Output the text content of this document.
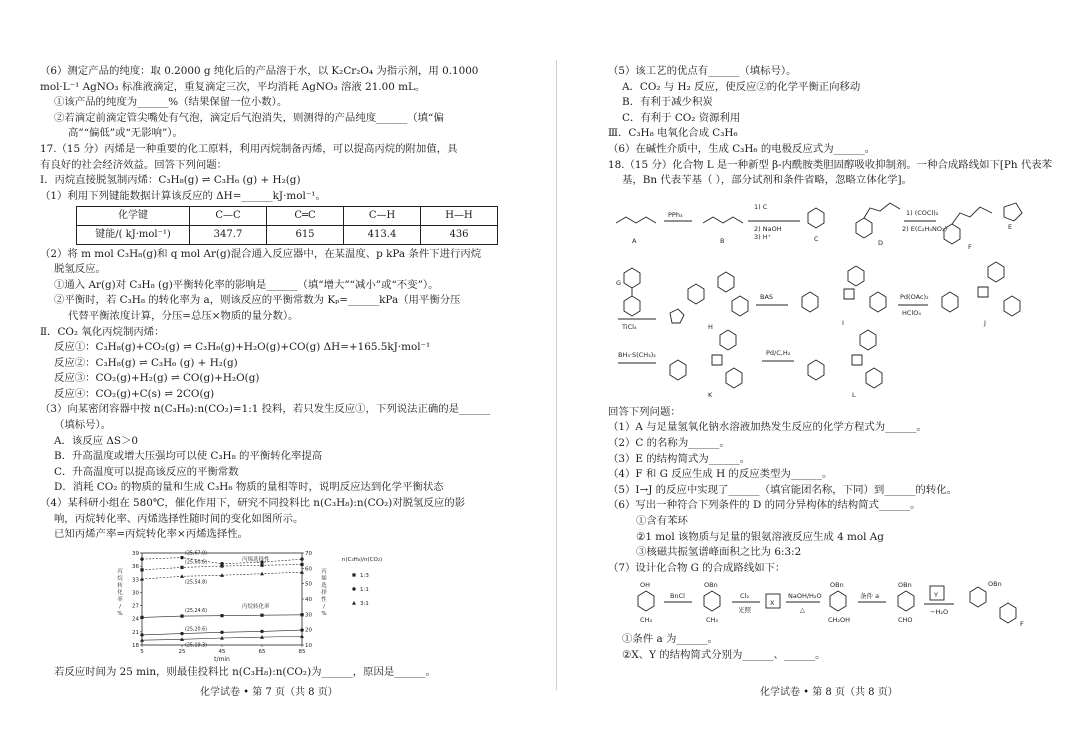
（6）测定产品的纯度：取 0.2000 g 纯化后的产品溶于水，以 K₂Cr₂O₄ 为指示剂，用 0.1000
mol·L⁻¹ AgNO₃ 标准液滴定，重复滴定三次，平均消耗 AgNO₃ 溶液 21.00 mL。
①该产品的纯度为______%（结果保留一位小数）。
②若滴定前滴定管尖嘴处有气泡，滴定后气泡消失，则测得的产品纯度______（填“偏
高”“偏低”或“无影响”）。
17.（15 分）丙烯是一种重要的化工原料，利用丙烷制备丙烯，可以提高丙烷的附加值，具
有良好的社会经济效益。回答下列问题：
Ⅰ．丙烷直接脱氢制丙烯：C₃H₈(g) ⇌ C₃H₆ (g) + H₂(g)
（1）利用下列键能数据计算该反应的 ΔH=______kJ·mol⁻¹。
化学键	C—C	C═C	C—H	H—H
键能/( kJ·mol⁻¹)	347.7	615	413.4	436
（2）将 m mol C₃H₈(g)和 q mol Ar(g)混合通入反应器中，在某温度、p kPa 条件下进行丙烷
脱氢反应。
①通入 Ar(g)对 C₃H₈ (g)平衡转化率的影响是______（填“增大”“减小”或“不变”）。
②平衡时，若 C₃H₈ 的转化率为 a，则该反应的平衡常数为 Kₚ=______kPa（用平衡分压
代替平衡浓度计算，分压=总压×物质的量分数）。
Ⅱ．CO₂ 氧化丙烷制丙烯：
反应①：C₃H₈(g)+CO₂(g) ⇌ C₃H₆(g)+H₂O(g)+CO(g) ΔH=+165.5kJ·mol⁻¹
反应②：C₃H₈(g) ⇌ C₃H₆ (g) + H₂(g)
反应③：CO₂(g)+H₂(g) ⇌ CO(g)+H₂O(g)
反应④：CO₂(g)+C(s) ⇌ 2CO(g)
（3）向某密闭容器中按 n(C₃H₈):n(CO₂)=1:1 投料，若只发生反应①，下列说法正确的是______
（填标号）。
A．该反应 ΔS＞0
B．升高温度或增大压强均可以使 C₃H₈ 的平衡转化率提高
C．升高温度可以提高该反应的平衡常数
D．消耗 CO₂ 的物质的量和生成 C₃H₆ 物质的量相等时，说明反应达到化学平衡状态
（4）某科研小组在 580℃，催化作用下，研究不同投料比 n(C₃H₈):n(CO₂)对脱氢反应的影
响，丙烷转化率、丙烯选择性随时间的变化如图所示。
已知丙烯产率=丙烷转化率×丙烯选择性。
5	25	45	65	85
18
21
24
27
30
33
36
39
10
20
30
40
50
60
70
t/min
丙
烷
转
化
率
/
%
丙
烯
选
择
性
/
%
(25,60.6)
(25,67.0)
(25,54.8)
(25,24.6)
(25,20.6)
(25,19.3)
丙烯选择性
丙烷转化率
n(C₃H₈)/n(CO₂)
1:3
1:1
3:1
若反应时间为 25 min，则最佳投料比 n(C₃H₈):n(CO₂)为______，原因是______。
（5）该工艺的优点有______（填标号）。
A．CO₂ 与 H₂ 反应，使反应②的化学平衡正向移动
B．有利于减少积炭
C．有利于 CO₂ 资源利用
Ⅲ．C₃H₈ 电氧化合成 C₃H₆
（6）在碱性介质中，生成 C₃H₆ 的电极反应式为______。
18.（15 分）化合物 L 是一种新型 β-内酰胺类胆固醇吸收抑制剂。一种合成路线如下[Ph 代表苯
基，Bn 代表苄基（ ），部分试剂和条件省略，忽略立体化学]。
A	B	C	D
E
F
G
H	I	J
K	L
PPh₃
1) C
2) NaOH
3) H⁺
1) (COCl)₂
2) E(C₂H₅NO₂)
TiCl₄
BAS	Pd(OAc)₂
HClO₄
BH₃·S(CH₃)₂	Pd/C,H₂
回答下列问题：
（1）A 与足量氢氧化钠水溶液加热发生反应的化学方程式为______。
（2）C 的名称为______。
（3）E 的结构简式为______。
（4）F 和 G 反应生成 H 的反应类型为______。
（5）I→J 的反应中实现了______（填官能团名称，下同）到______的转化。
（6）写出一种符合下列条件的 D 的同分异构体的结构简式______。
①含有苯环
②1 mol 该物质与足量的银氨溶液反应生成 4 mol Ag
③核磁共振氢谱峰面积之比为 6:3:2
（7）设计化合物 G 的合成路线如下：
BnCl	Cl₂
光照
X
NaOH/H₂O
△
条件 a	Y
−H₂O
OH	OBn
CH₃	CH₃
OBn
CH₂OH
OBn
CHO
OBn
F
①条件 a 为______。
②X、Y 的结构简式分别为______、______。
化学试卷 • 第 7 页（共 8 页）	化学试卷 • 第 8 页（共 8 页）
